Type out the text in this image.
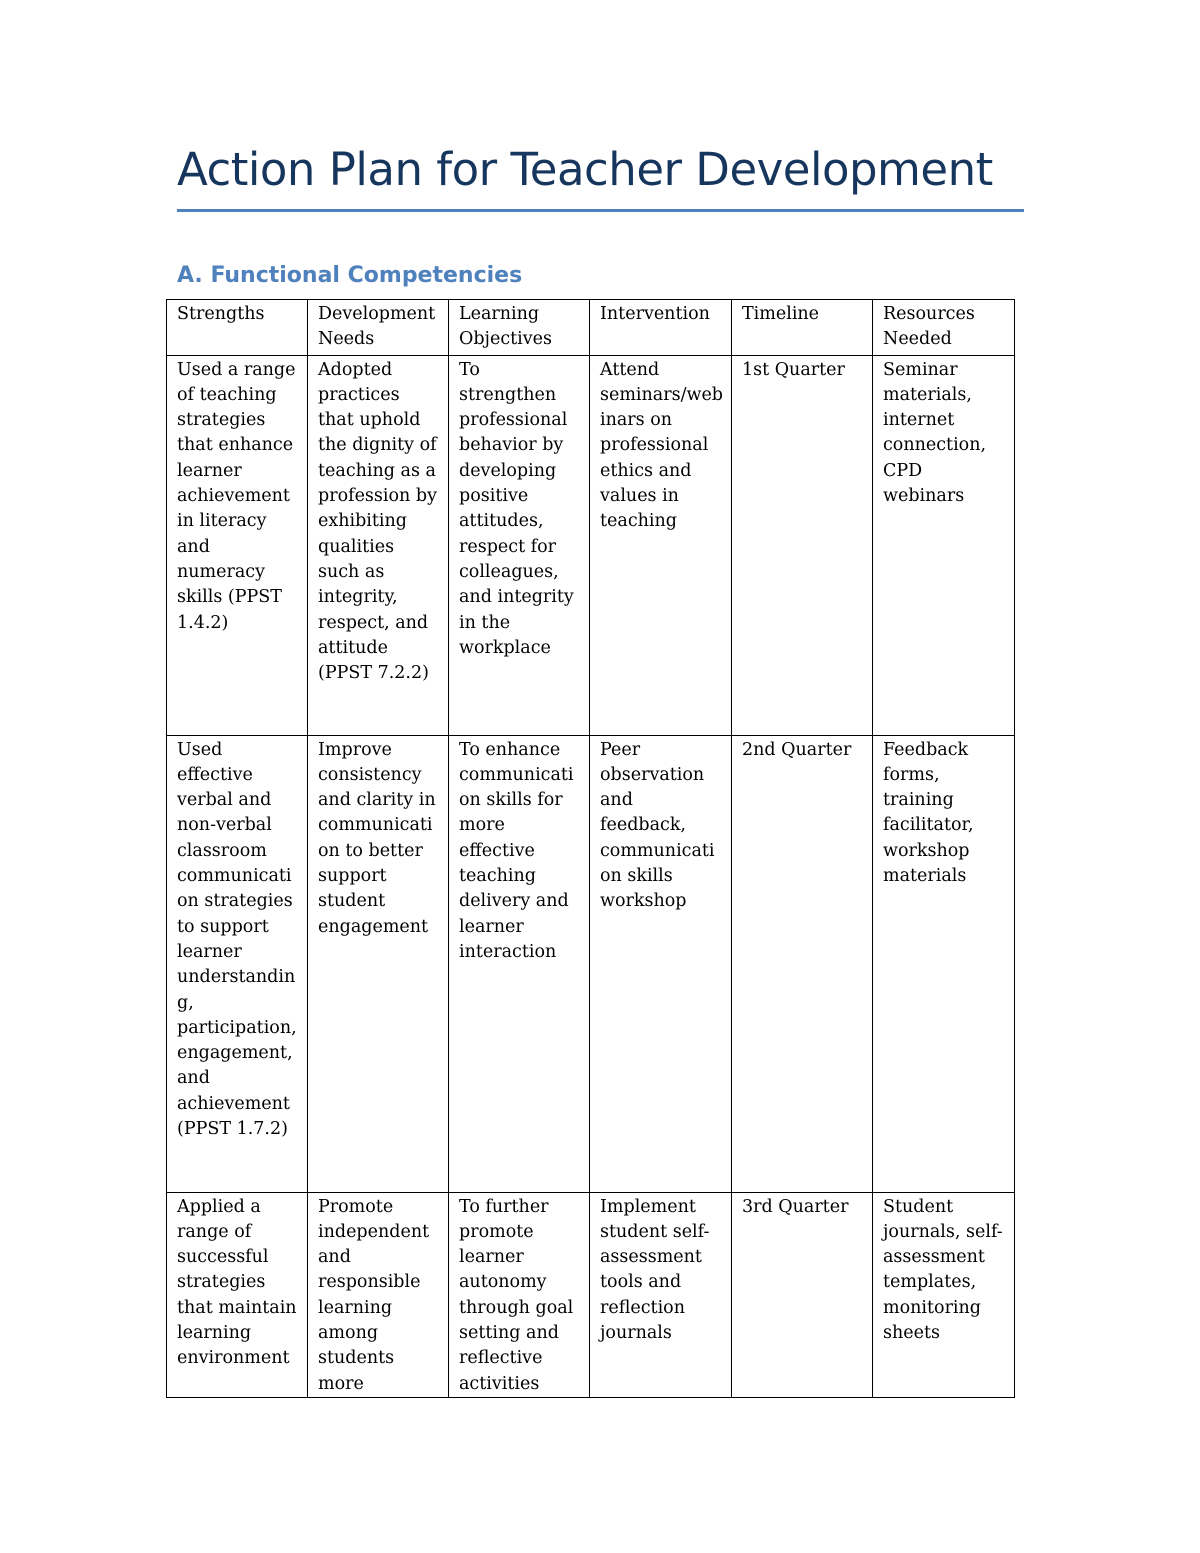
Action Plan for Teacher Development
A. Functional Competencies
Strengths	Development Needs	Learning Objectives	Intervention	Timeline	Resources Needed
Used a range of teaching strategies that enhance learner achievement in literacy and numeracy skills (PPST 1.4.2)	Adopted practices that uphold the dignity of teaching as a profession by exhibiting qualities such as integrity, respect, and attitude (PPST 7.2.2)	To strengthen professional behavior by developing positive attitudes, respect for colleagues, and integrity in the workplace	Attend seminars/webinars on professional ethics and values in teaching	1st Quarter	Seminar materials, internet connection, CPD webinars
Used effective verbal and non-verbal classroom communication strategies to support learner understanding, participation, engagement, and achievement (PPST 1.7.2)	Improve consistency and clarity in communication to better support student engagement	To enhance communication skills for more effective teaching delivery and learner interaction	Peer observation and feedback, communication skills workshop	2nd Quarter	Feedback forms, training facilitator, workshop materials
Applied a range of successful strategies that maintain learning environment	Promote independent and responsible learning among students more	To further promote learner autonomy through goal setting and reflective activities	Implement student self-assessment tools and reflection journals	3rd Quarter	Student journals, self-assessment templates, monitoring sheets
